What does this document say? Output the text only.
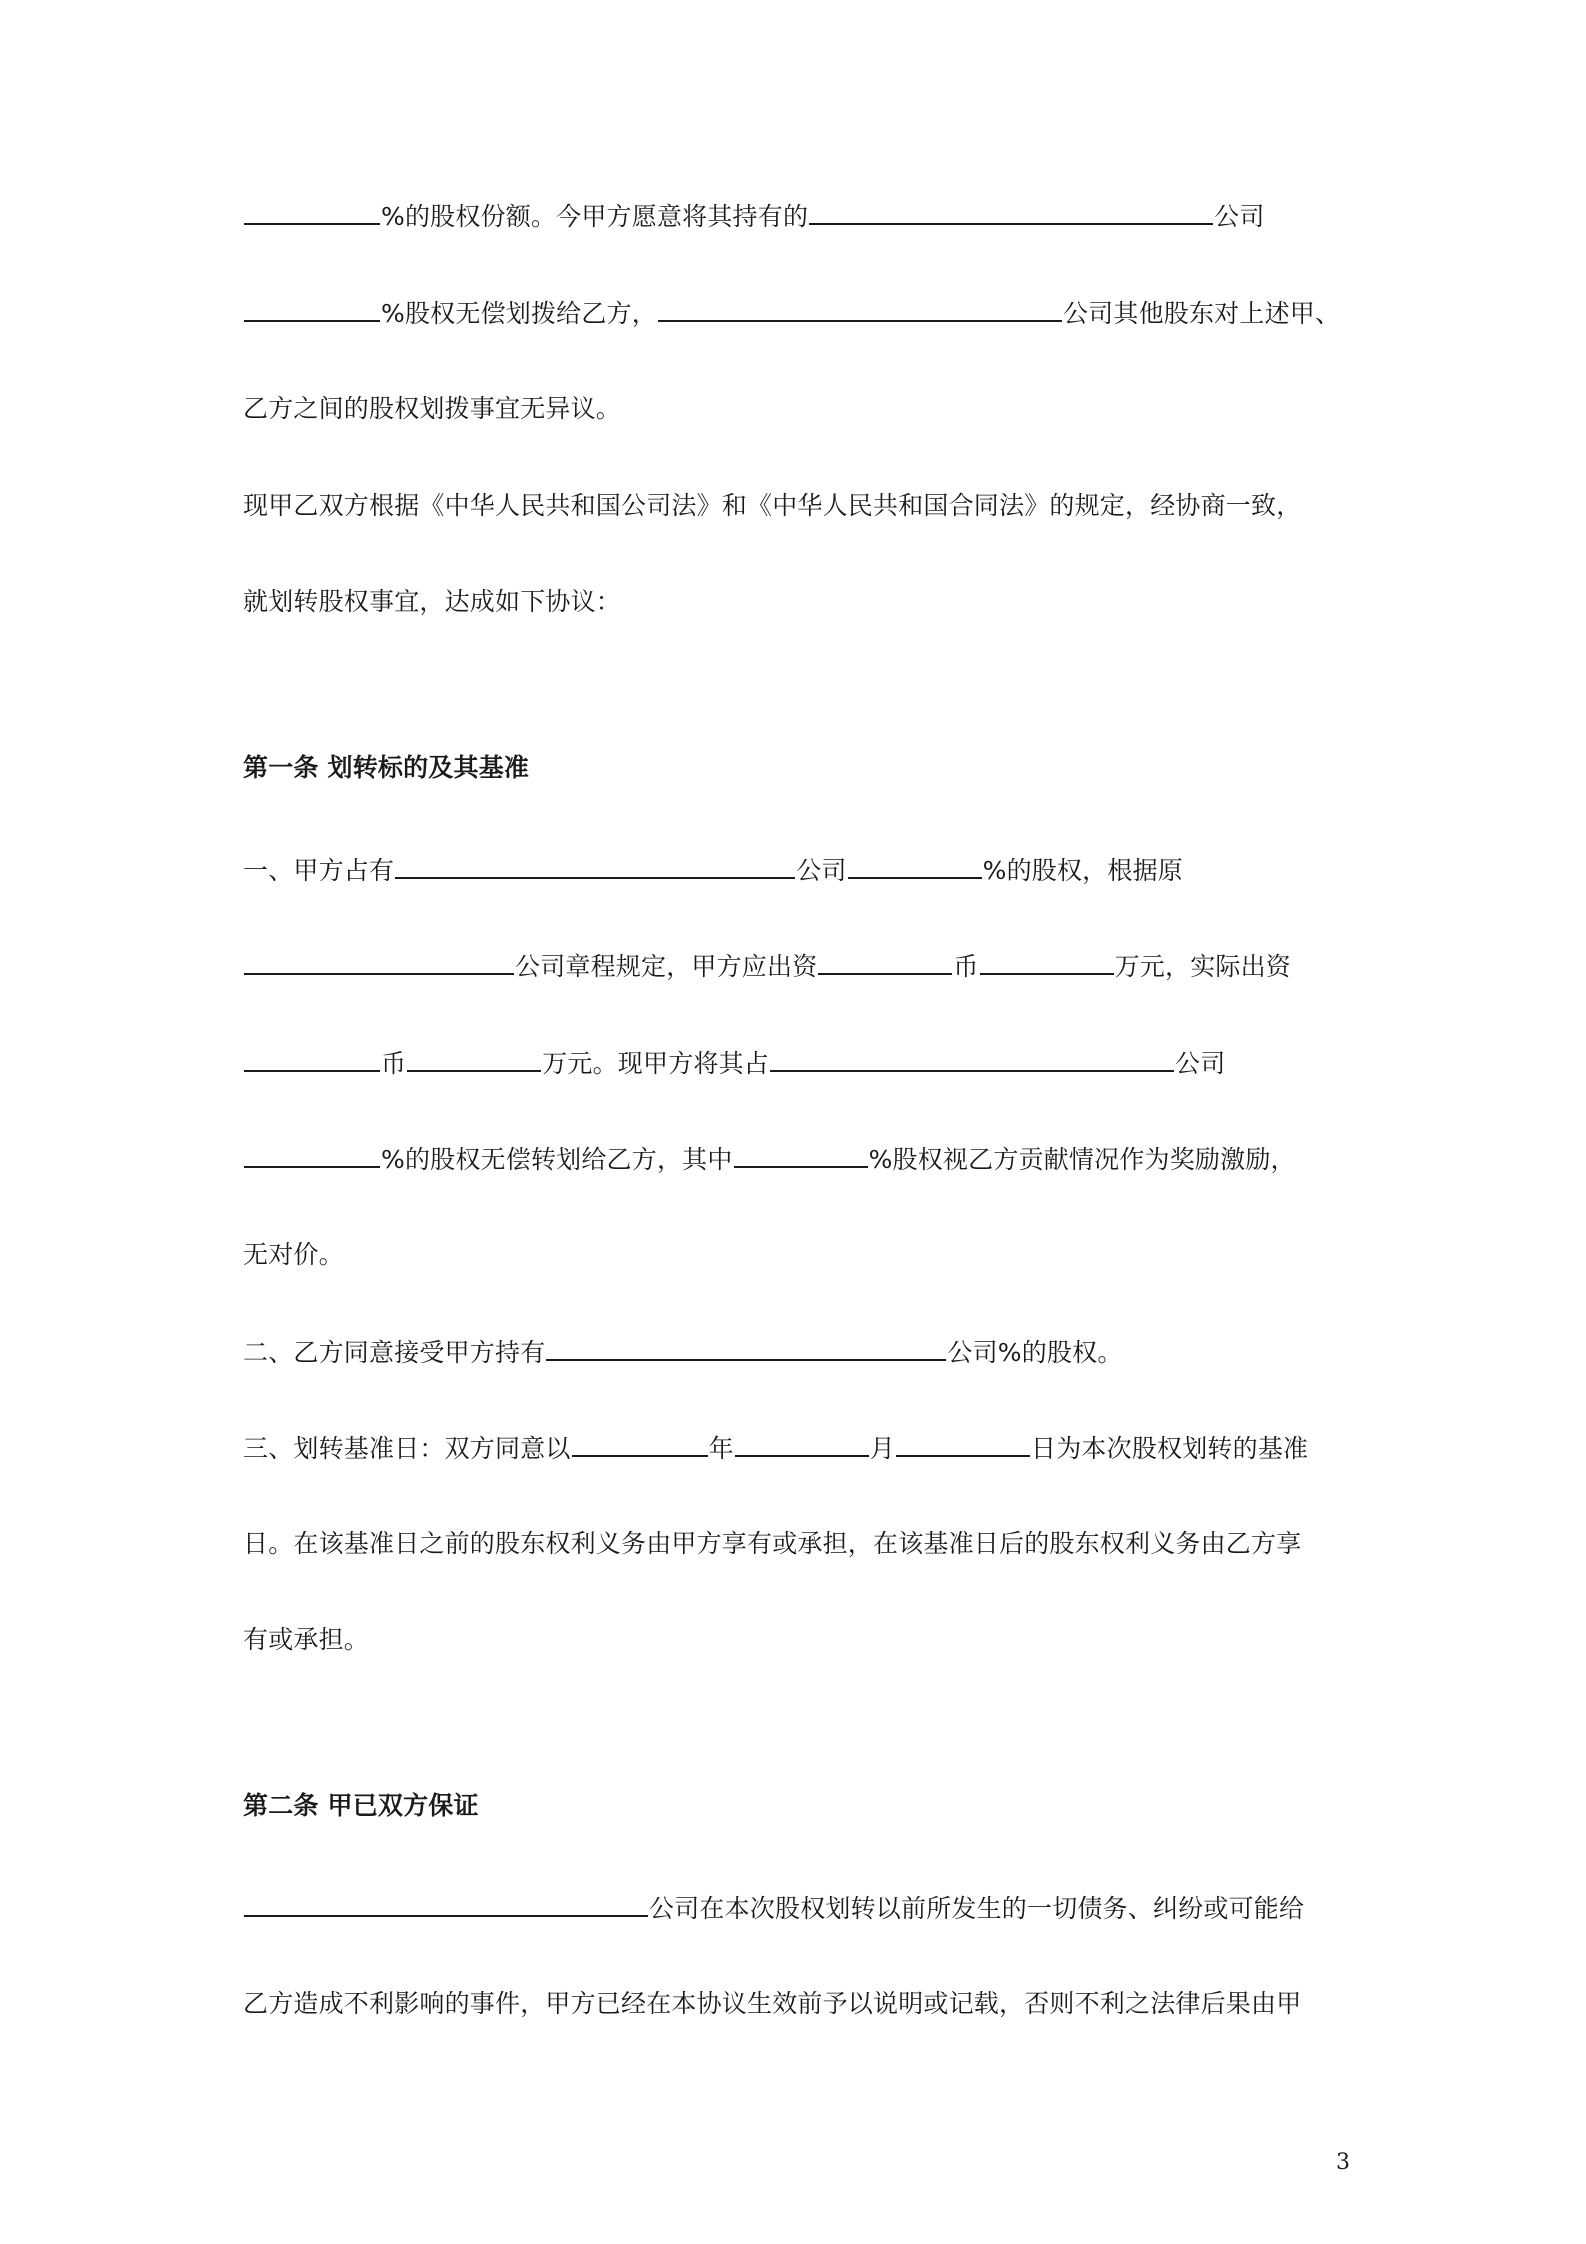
%的股权份额。今甲方愿意将其持有的	公司
%股权无偿划拨给乙方，	公司其他股东对上述甲、
乙方之间的股权划拨事宜无异议。
现甲乙双方根据《中华人民共和国公司法》和《中华人民共和国合同法》的规定，经协商一致，
就划转股权事宜，达成如下协议：
第一条 划转标的及其基准
一、甲方占有	公司	%的股权，根据原
公司章程规定，甲方应出资	币	万元，实际出资
币	万元。现甲方将其占	公司
%的股权无偿转划给乙方，其中	%股权视乙方贡献情况作为奖励激励，
无对价。
二、乙方同意接受甲方持有	公司%的股权。
三、划转基准日：双方同意以	年	月	日为本次股权划转的基准
日。在该基准日之前的股东权利义务由甲方享有或承担，在该基准日后的股东权利义务由乙方享
有或承担。
第二条 甲已双方保证
公司在本次股权划转以前所发生的一切债务、纠纷或可能给
乙方造成不利影响的事件，甲方已经在本协议生效前予以说明或记载，否则不利之法律后果由甲
3
